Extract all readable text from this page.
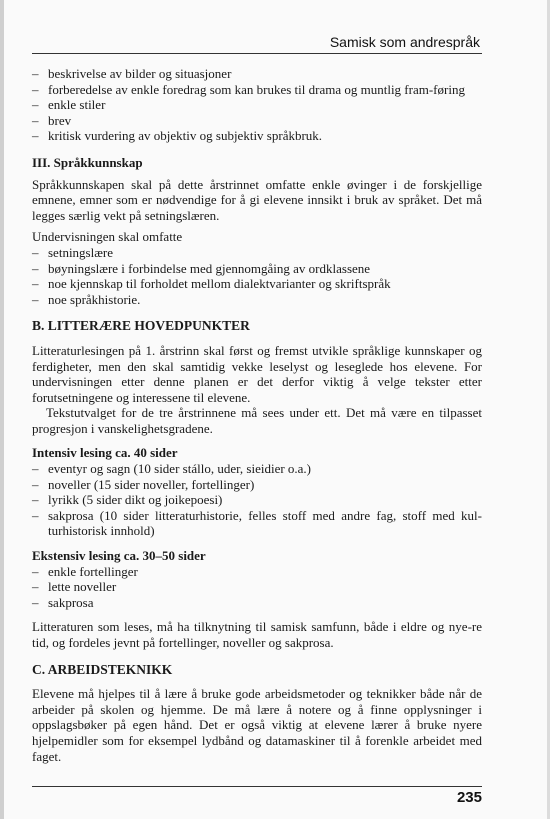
Samisk som andrespråk
– beskrivelse av bilder og situasjoner
– forberedelse av enkle foredrag som kan brukes til drama og muntlig fram-føring
– enkle stiler
– brev
– kritisk vurdering av objektiv og subjektiv språkbruk.

III. Språkkunnskap

Språkkunnskapen skal på dette årstrinnet omfatte enkle øvinger i de forskjellige emnene, emner som er nødvendige for å gi elevene innsikt i bruk av språket. Det må legges særlig vekt på setningslæren.

Undervisningen skal omfatte

– setningslære
– bøyningslære i forbindelse med gjennomgåing av ordklassene
– noe kjennskap til forholdet mellom dialektvarianter og skriftspråk
– noe språkhistorie.

B. LITTERÆRE HOVEDPUNKTER

Litteraturlesingen på 1. årstrinn skal først og fremst utvikle språklige kunnskaper og ferdigheter, men den skal samtidig vekke leselyst og leseglede hos elevene. For undervisningen etter denne planen er det derfor viktig å velge tekster etter forutsetningene og interessene til elevene.

Tekstutvalget for de tre årstrinnene må sees under ett. Det må være en tilpasset progresjon i vanskelighetsgradene.

Intensiv lesing ca. 40 sider

– eventyr og sagn (10 sider stállo, uder, sieidier o.a.)
– noveller (15 sider noveller, fortellinger)
– lyrikk (5 sider dikt og joikepoesi)
– sakprosa (10 sider litteraturhistorie, felles stoff med andre fag, stoff med kul-turhistorisk innhold)

Ekstensiv lesing ca. 30–50 sider

– enkle fortellinger
– lette noveller
– sakprosa

Litteraturen som leses, må ha tilknytning til samisk samfunn, både i eldre og nye-re tid, og fordeles jevnt på fortellinger, noveller og sakprosa.

C. ARBEIDSTEKNIKK

Elevene må hjelpes til å lære å bruke gode arbeidsmetoder og teknikker både når de arbeider på skolen og hjemme. De må lære å notere og å finne opplysninger i oppslagsbøker på egen hånd. Det er også viktig at elevene lærer å bruke nyere hjelpemidler som for eksempel lydbånd og datamaskiner til å forenkle arbeidet med faget.

235
